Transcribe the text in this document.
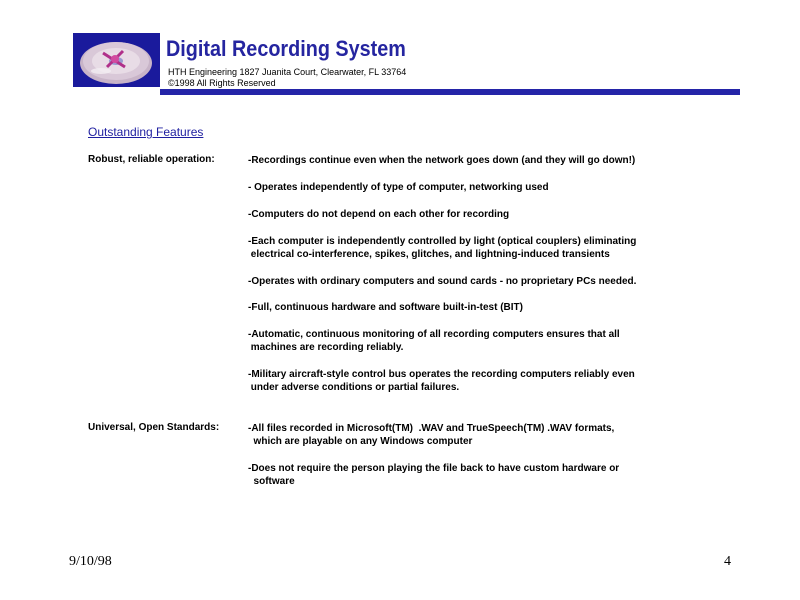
Digital Recording System
HTH Engineering 1827 Juanita Court, Clearwater, FL 33764
©1998 All Rights Reserved
Outstanding Features
Robust, reliable operation:	-Recordings continue even when the network goes down (and they will go down!)
- Operates independently of type of computer, networking used
-Computers do not depend on each other for recording
-Each computer is independently controlled by light (optical couplers) eliminating
electrical co-interference, spikes, glitches, and lightning-induced transients
-Operates with ordinary computers and sound cards - no proprietary PCs needed.
-Full, continuous hardware and software built-in-test (BIT)
-Automatic, continuous monitoring of all recording computers ensures that all
machines are recording reliably.
-Military aircraft-style control bus operates the recording computers reliably even
under adverse conditions or partial failures.
Universal, Open Standards:	-All files recorded in Microsoft(TM)  .WAV and TrueSpeech(TM) .WAV formats,
which are playable on any Windows computer
-Does not require the person playing the file back to have custom hardware or
software
9/10/98	4
